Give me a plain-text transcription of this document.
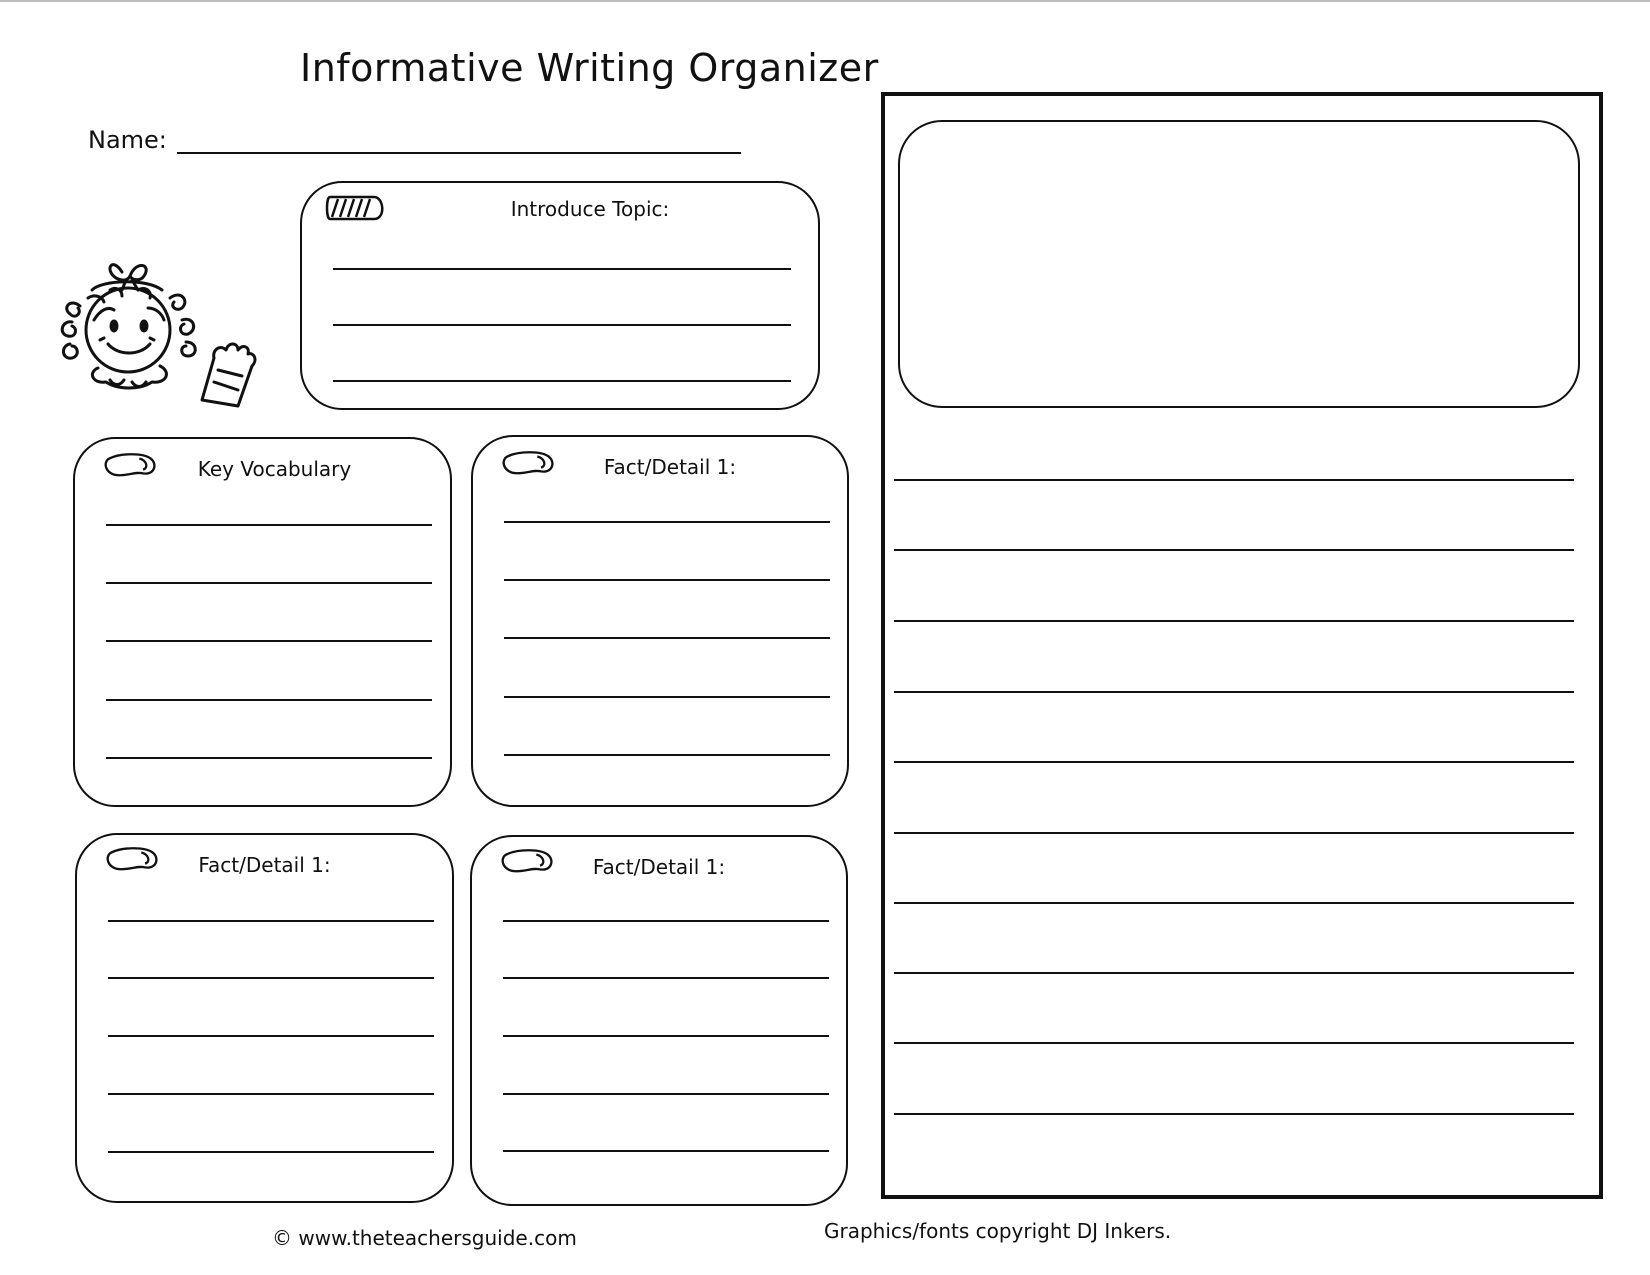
Informative Writing Organizer
Name:
Introduce Topic:
Key Vocabulary	Fact/Detail 1:
Fact/Detail 1:	Fact/Detail 1:
© www.theteachersguide.com	Graphics/fonts copyright DJ Inkers.
